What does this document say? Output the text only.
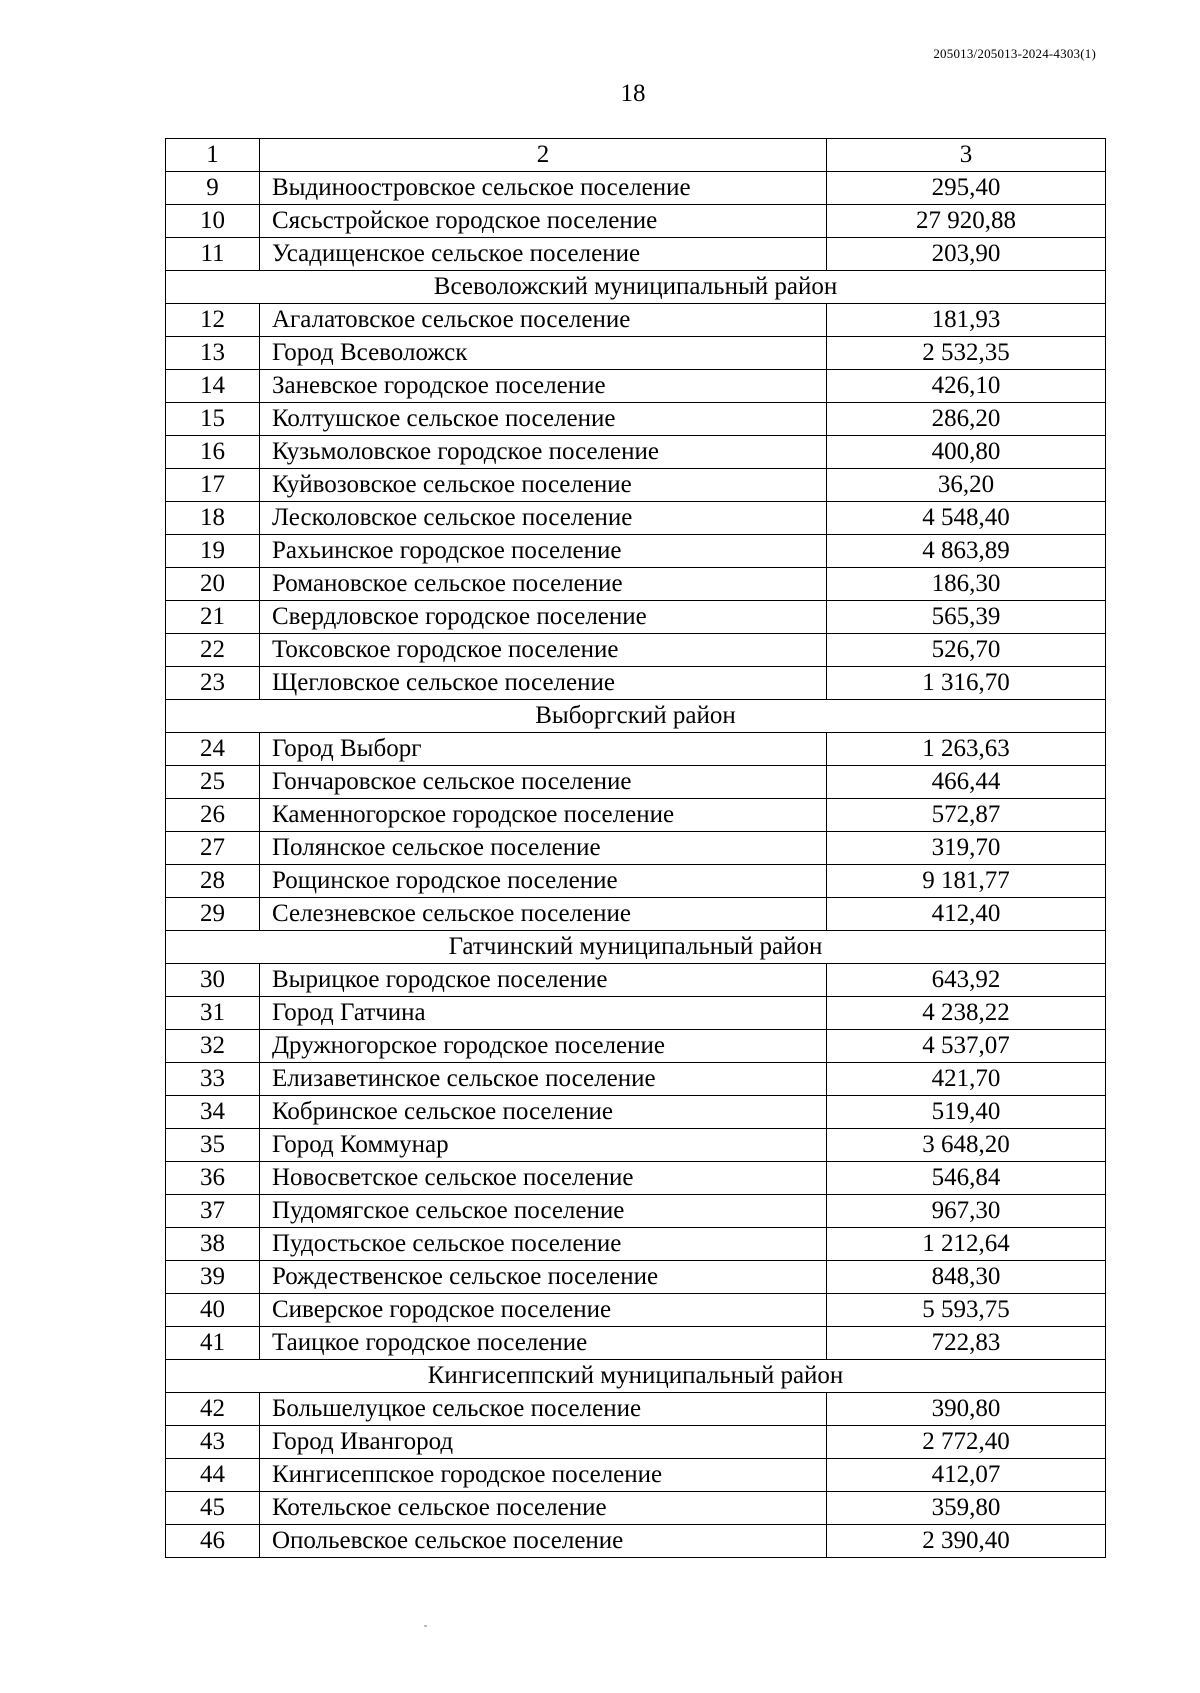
205013/205013-2024-4303(1)
18
1	2	3
9	Выдиноостровское сельское поселение	295,40
10	Сясьстройское городское поселение	27 920,88
11	Усадищенское сельское поселение	203,90
Всеволожский муниципальный район		
12	Агалатовское сельское поселение	181,93
13	Город Всеволожск	2 532,35
14	Заневское городское поселение	426,10
15	Колтушское сельское поселение	286,20
16	Кузьмоловское городское поселение	400,80
17	Куйвозовское сельское поселение	36,20
18	Лесколовское сельское поселение	4 548,40
19	Рахьинское городское поселение	4 863,89
20	Романовское сельское поселение	186,30
21	Свердловское городское поселение	565,39
22	Токсовское городское поселение	526,70
23	Щегловское сельское поселение	1 316,70
Выборгский район		
24	Город Выборг	1 263,63
25	Гончаровское сельское поселение	466,44
26	Каменногорское городское поселение	572,87
27	Полянское сельское поселение	319,70
28	Рощинское городское поселение	9 181,77
29	Селезневское сельское поселение	412,40
Гатчинский муниципальный район		
30	Вырицкое городское поселение	643,92
31	Город Гатчина	4 238,22
32	Дружногорское городское поселение	4 537,07
33	Елизаветинское сельское поселение	421,70
34	Кобринское сельское поселение	519,40
35	Город Коммунар	3 648,20
36	Новосветское сельское поселение	546,84
37	Пудомягское сельское поселение	967,30
38	Пудостьское сельское поселение	1 212,64
39	Рождественское сельское поселение	848,30
40	Сиверское городское поселение	5 593,75
41	Таицкое городское поселение	722,83
Кингисеппский муниципальный район		
42	Большелуцкое сельское поселение	390,80
43	Город Ивангород	2 772,40
44	Кингисеппское городское поселение	412,07
45	Котельское сельское поселение	359,80
46	Опольевское сельское поселение	2 390,40
